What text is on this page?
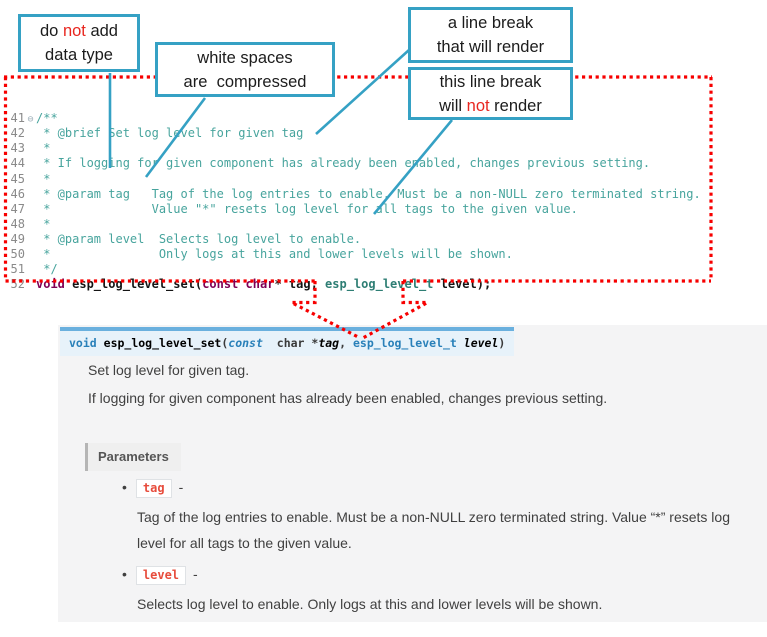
41 ⊖ /**
42 * @brief Set log level for given tag
43 *
44 * If logging for given component has already been enabled, changes previous setting.
45 *
46 * @param tag   Tag of the log entries to enable. Must be a non-NULL zero terminated string.
47 *              Value "*" resets log level for all tags to the given value.
48 *
49 * @param level  Selects log level to enable.
50 *               Only logs at this and lower levels will be shown.
51 */
52 void esp_log_level_set(const char* tag, esp_log_level_t level);

void esp_log_level_set(const char *tag, esp_log_level_t level)
Set log level for given tag.
If logging for given component has already been enabled, changes previous setting.
Parameters
• tag -
Tag of the log entries to enable. Must be a non-NULL zero terminated string. Value “*” resets log level for all tags to the given value.
• level -
Selects log level to enable. Only logs at this and lower levels will be shown.
do not add
data type	white spaces
are  compressed
a line break
that will render
this line break
will not render
